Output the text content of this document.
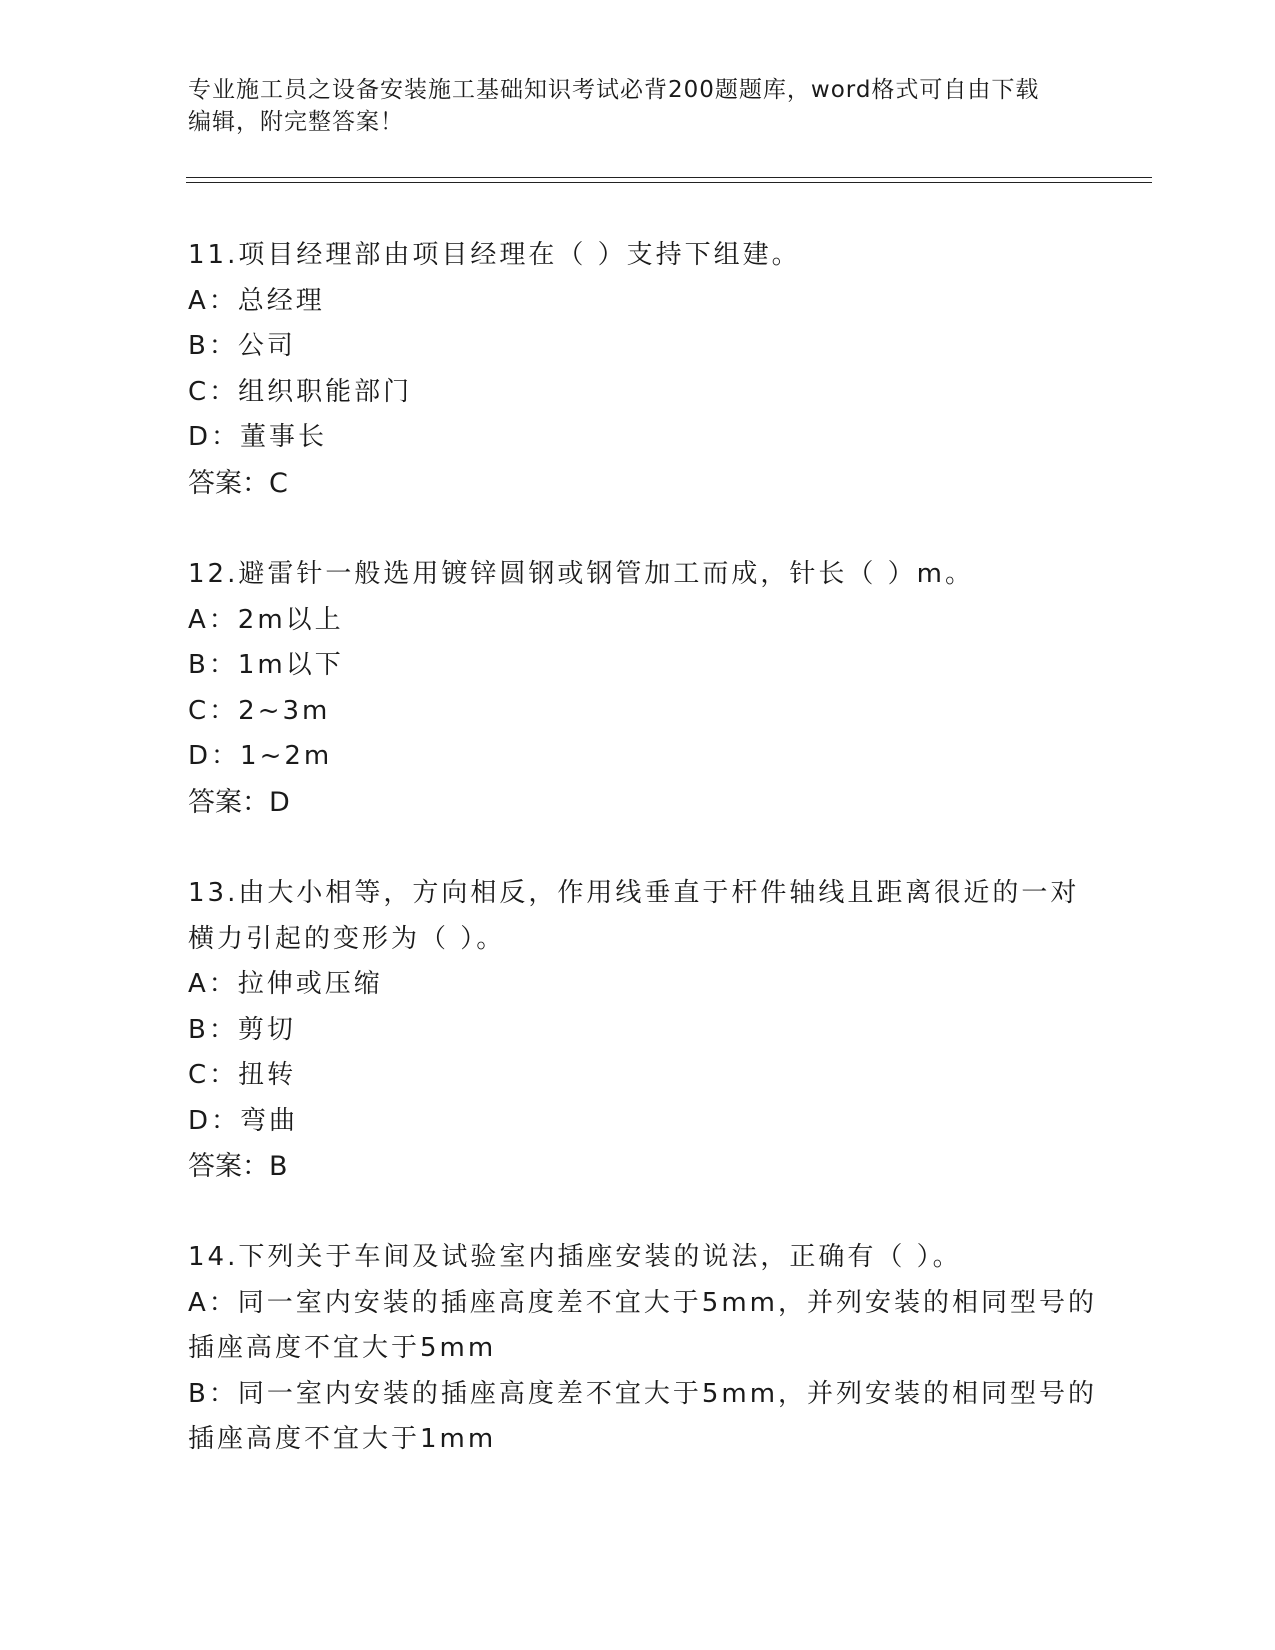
专业施工员之设备安装施工基础知识考试必背200题题库，word格式可自由下载
编辑，附完整答案！
11.项目经理部由项目经理在（ ）支持下组建。
A：总经理
B：公司
C：组织职能部门
D：董事长
答案：C
12.避雷针一般选用镀锌圆钢或钢管加工而成，针长（ ）m。
A：2m以上
B：1m以下
C：2~3m
D：1~2m
答案：D
13.由大小相等，方向相反，作用线垂直于杆件轴线且距离很近的一对
横力引起的变形为（ ）。
A：拉伸或压缩
B：剪切
C：扭转
D：弯曲
答案：B
14.下列关于车间及试验室内插座安装的说法，正确有（ ）。
A：同一室内安装的插座高度差不宜大于5mm，并列安装的相同型号的
插座高度不宜大于5mm
B：同一室内安装的插座高度差不宜大于5mm，并列安装的相同型号的
插座高度不宜大于1mm
